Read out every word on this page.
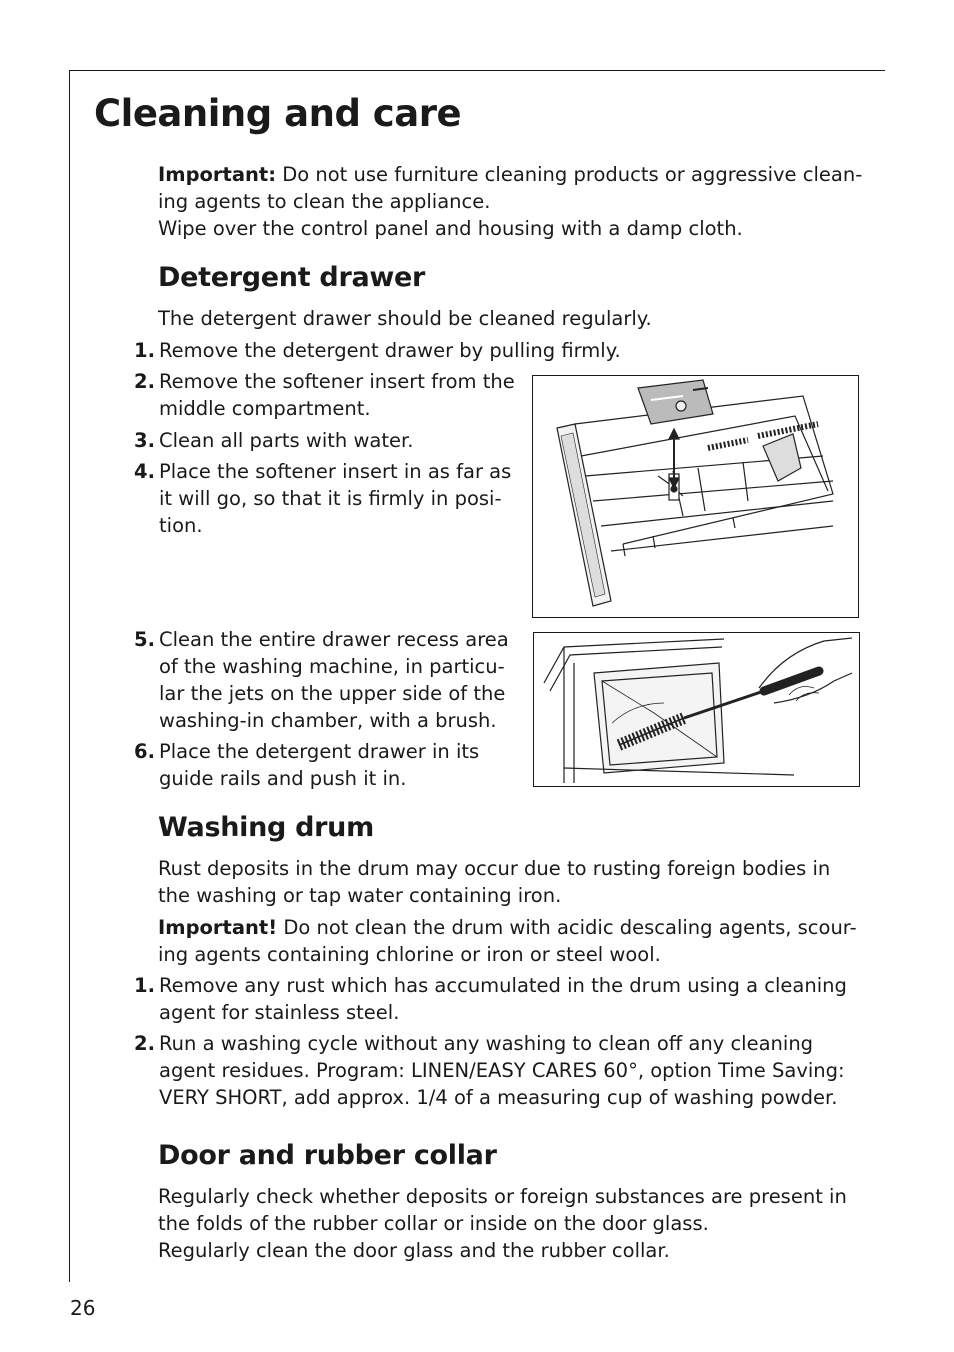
Cleaning and care

Important: Do not use furniture cleaning products or aggressive clean-

ing agents to clean the appliance.

Wipe over the control panel and housing with a damp cloth.

Detergent drawer

The detergent drawer should be cleaned regularly.

1. Remove the detergent drawer by pulling firmly.
2. Remove the softener insert from the
middle compartment.
3. Clean all parts with water.
4. Place the softener insert in as far as
it will go, so that it is firmly in posi-
tion.
5. Clean the entire drawer recess area
of the washing machine, in particu-
lar the jets on the upper side of the
washing-in chamber, with a brush.
6. Place the detergent drawer in its
guide rails and push it in.
Washing drum

Rust deposits in the drum may occur due to rusting foreign bodies in

the washing or tap water containing iron.

Important! Do not clean the drum with acidic descaling agents, scour-

ing agents containing chlorine or iron or steel wool.

1. Remove any rust which has accumulated in the drum using a cleaning
agent for stainless steel.
2. Run a washing cycle without any washing to clean off any cleaning
agent residues. Program: LINEN/EASY CARES 60°, option Time Saving:
VERY SHORT, add approx. 1/4 of a measuring cup of washing powder.
Door and rubber collar

Regularly check whether deposits or foreign substances are present in

the folds of the rubber collar or inside on the door glass.

Regularly clean the door glass and the rubber collar.

26
